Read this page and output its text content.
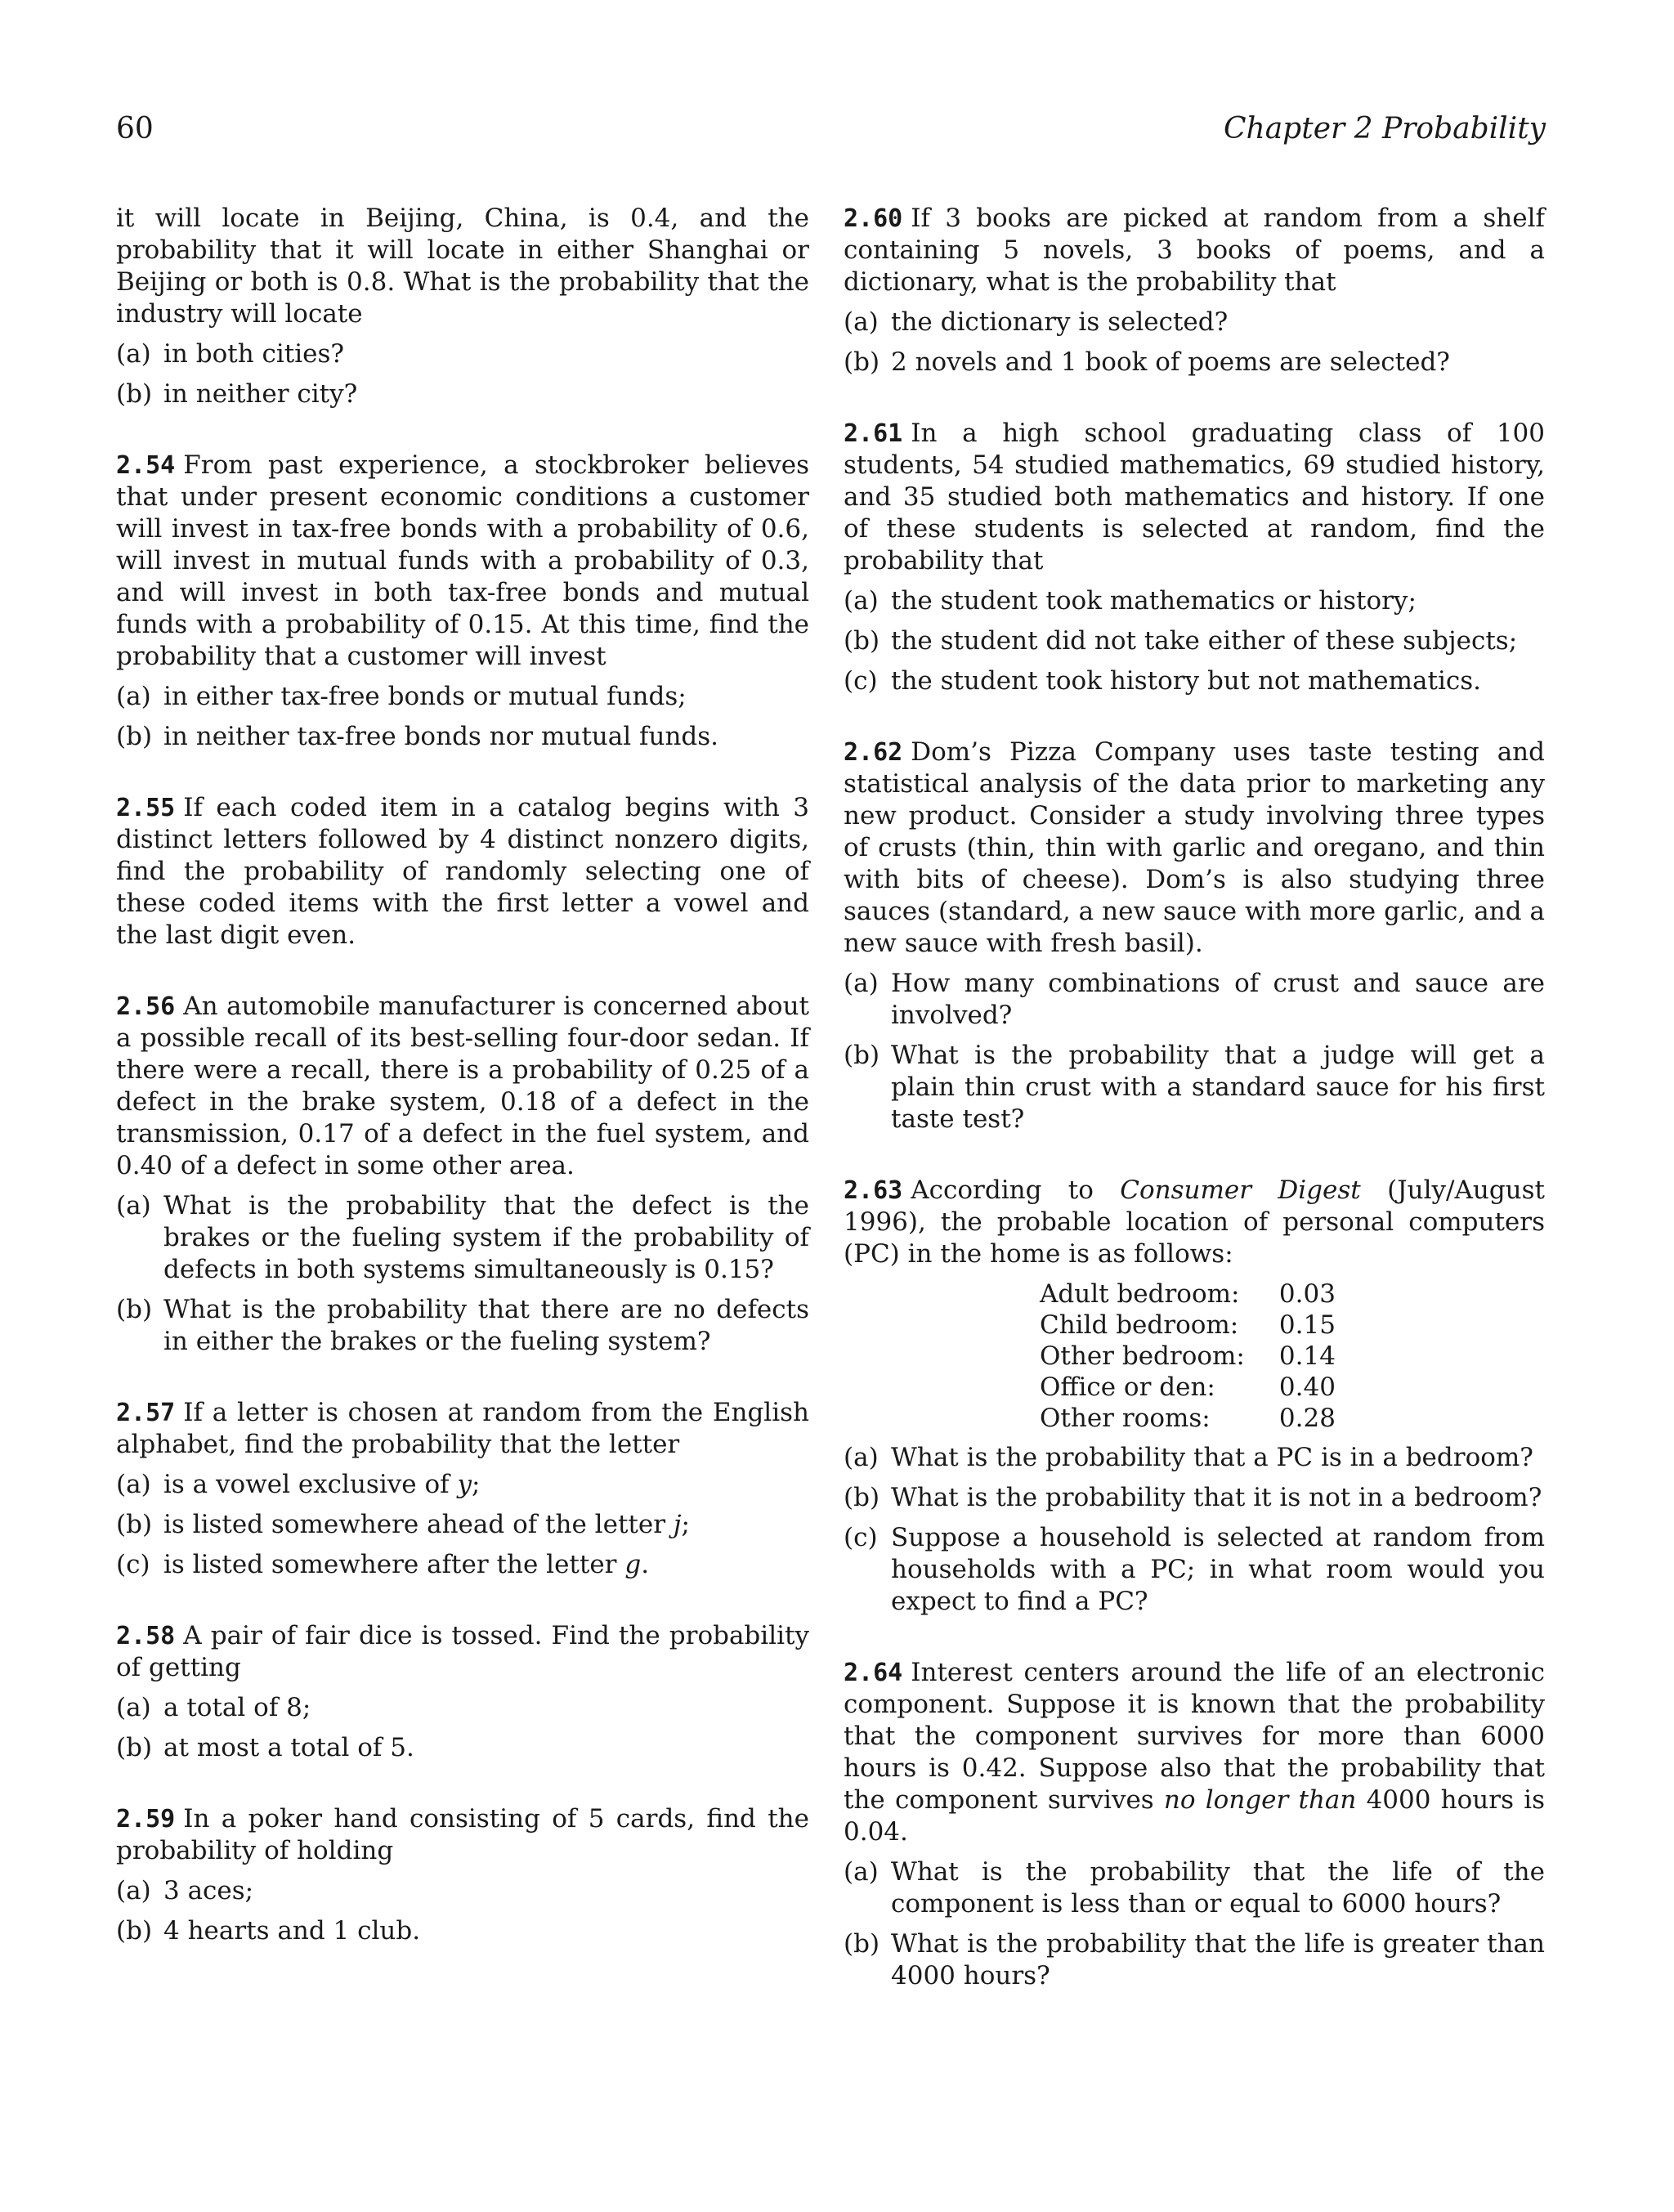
60	Chapter 2 Probability

it will locate in Beijing, China, is 0.4, and the probability that it will locate in either Shanghai or Beijing or both is 0.8. What is the probability that the industry will locate

(a) in both cities?
(b) in neither city?

2.54 From past experience, a stockbroker believes that under present economic conditions a customer will invest in tax-free bonds with a probability of 0.6, will invest in mutual funds with a probability of 0.3, and will invest in both tax-free bonds and mutual funds with a probability of 0.15. At this time, find the probability that a customer will invest

(a) in either tax-free bonds or mutual funds;
(b) in neither tax-free bonds nor mutual funds.

2.55 If each coded item in a catalog begins with 3 distinct letters followed by 4 distinct nonzero digits, find the probability of randomly selecting one of these coded items with the first letter a vowel and the last digit even.

2.56 An automobile manufacturer is concerned about a possible recall of its best-selling four-door sedan. If there were a recall, there is a probability of 0.25 of a defect in the brake system, 0.18 of a defect in the transmission, 0.17 of a defect in the fuel system, and 0.40 of a defect in some other area.

(a) What is the probability that the defect is the brakes or the fueling system if the probability of defects in both systems simultaneously is 0.15?
(b) What is the probability that there are no defects in either the brakes or the fueling system?

2.57 If a letter is chosen at random from the English alphabet, find the probability that the letter

(a) is a vowel exclusive of y;
(b) is listed somewhere ahead of the letter j;
(c) is listed somewhere after the letter g.

2.58 A pair of fair dice is tossed. Find the probability of getting

(a) a total of 8;
(b) at most a total of 5.

2.59 In a poker hand consisting of 5 cards, find the probability of holding

(a) 3 aces;
(b) 4 hearts and 1 club.

2.60 If 3 books are picked at random from a shelf containing 5 novels, 3 books of poems, and a dictionary, what is the probability that

(a) the dictionary is selected?
(b) 2 novels and 1 book of poems are selected?

2.61 In a high school graduating class of 100 students, 54 studied mathematics, 69 studied history, and 35 studied both mathematics and history. If one of these students is selected at random, find the probability that

(a) the student took mathematics or history;
(b) the student did not take either of these subjects;
(c) the student took history but not mathematics.

2.62 Dom’s Pizza Company uses taste testing and statistical analysis of the data prior to marketing any new product. Consider a study involving three types of crusts (thin, thin with garlic and oregano, and thin with bits of cheese). Dom’s is also studying three sauces (standard, a new sauce with more garlic, and a new sauce with fresh basil).

(a) How many combinations of crust and sauce are involved?
(b) What is the probability that a judge will get a plain thin crust with a standard sauce for his first taste test?

2.63 According to Consumer Digest (July/August 1996), the probable location of personal computers (PC) in the home is as follows:

Adult bedroom:	0.03
Child bedroom:	0.15
Other bedroom:	0.14
Office or den:	0.40
Other rooms:	0.28
(a) What is the probability that a PC is in a bedroom?
(b) What is the probability that it is not in a bedroom?
(c) Suppose a household is selected at random from households with a PC; in what room would you expect to find a PC?

2.64 Interest centers around the life of an electronic component. Suppose it is known that the probability that the component survives for more than 6000 hours is 0.42. Suppose also that the probability that the component survives no longer than 4000 hours is 0.04.

(a) What is the probability that the life of the component is less than or equal to 6000 hours?
(b) What is the probability that the life is greater than 4000 hours?
